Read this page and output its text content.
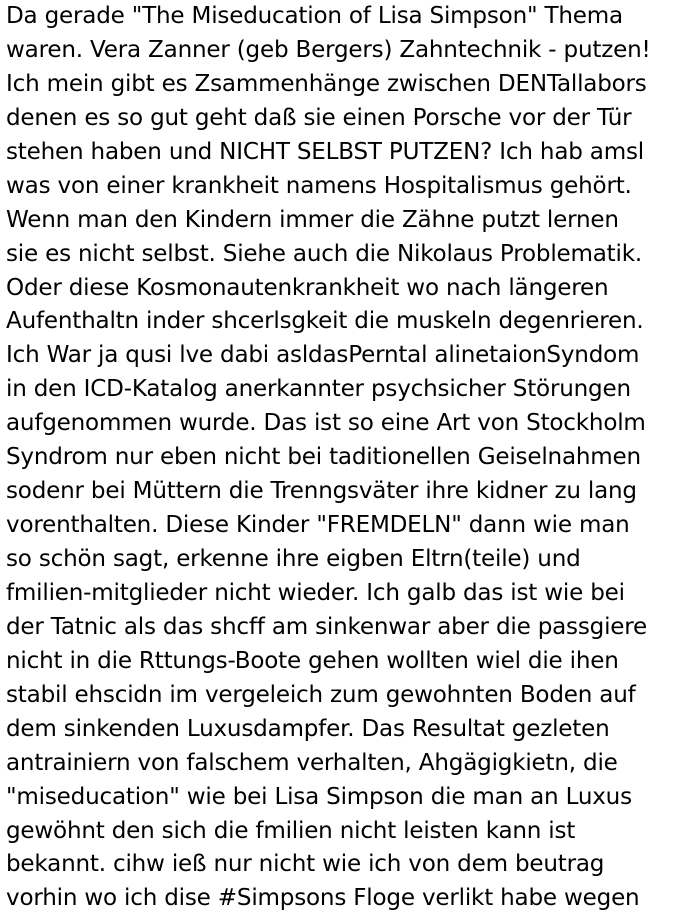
Da gerade "The Miseducation of Lisa Simpson" Thema
waren. Vera Zanner (geb Bergers) Zahntechnik - putzen!
Ich mein gibt es Zsammenhänge zwischen DENTallabors
denen es so gut geht daß sie einen Porsche vor der Tür
stehen haben und NICHT SELBST PUTZEN? Ich hab amsl
was von einer krankheit namens Hospitalismus gehört.
Wenn man den Kindern immer die Zähne putzt lernen
sie es nicht selbst. Siehe auch die Nikolaus Problematik.
Oder diese Kosmonautenkrankheit wo nach längeren
Aufenthaltn inder shcerlsgkeit die muskeln degenrieren.
Ich War ja qusi lve dabi asldasPerntal alinetaionSyndom
in den ICD-Katalog anerkannter psychsicher Störungen
aufgenommen wurde. Das ist so eine Art von Stockholm
Syndrom nur eben nicht bei taditionellen Geiselnahmen
sodenr bei Müttern die Trenngsväter ihre kidner zu lang
vorenthalten. Diese Kinder "FREMDELN" dann wie man
so schön sagt, erkenne ihre eigben Eltrn(teile) und
fmilien-mitglieder nicht wieder. Ich galb das ist wie bei
der Tatnic als das shcff am sinkenwar aber die passgiere
nicht in die Rttungs-Boote gehen wollten wiel die ihen
stabil ehscidn im vergeleich zum gewohnten Boden auf
dem sinkenden Luxusdampfer. Das Resultat gezleten
antrainiern von falschem verhalten, Ahgägigkietn, die
"miseducation" wie bei Lisa Simpson die man an Luxus
gewöhnt den sich die fmilien nicht leisten kann ist
bekannt. cihw ieß nur nicht wie ich von dem beutrag
vorhin wo ich dise #Simpsons Floge verlikt habe wegen
